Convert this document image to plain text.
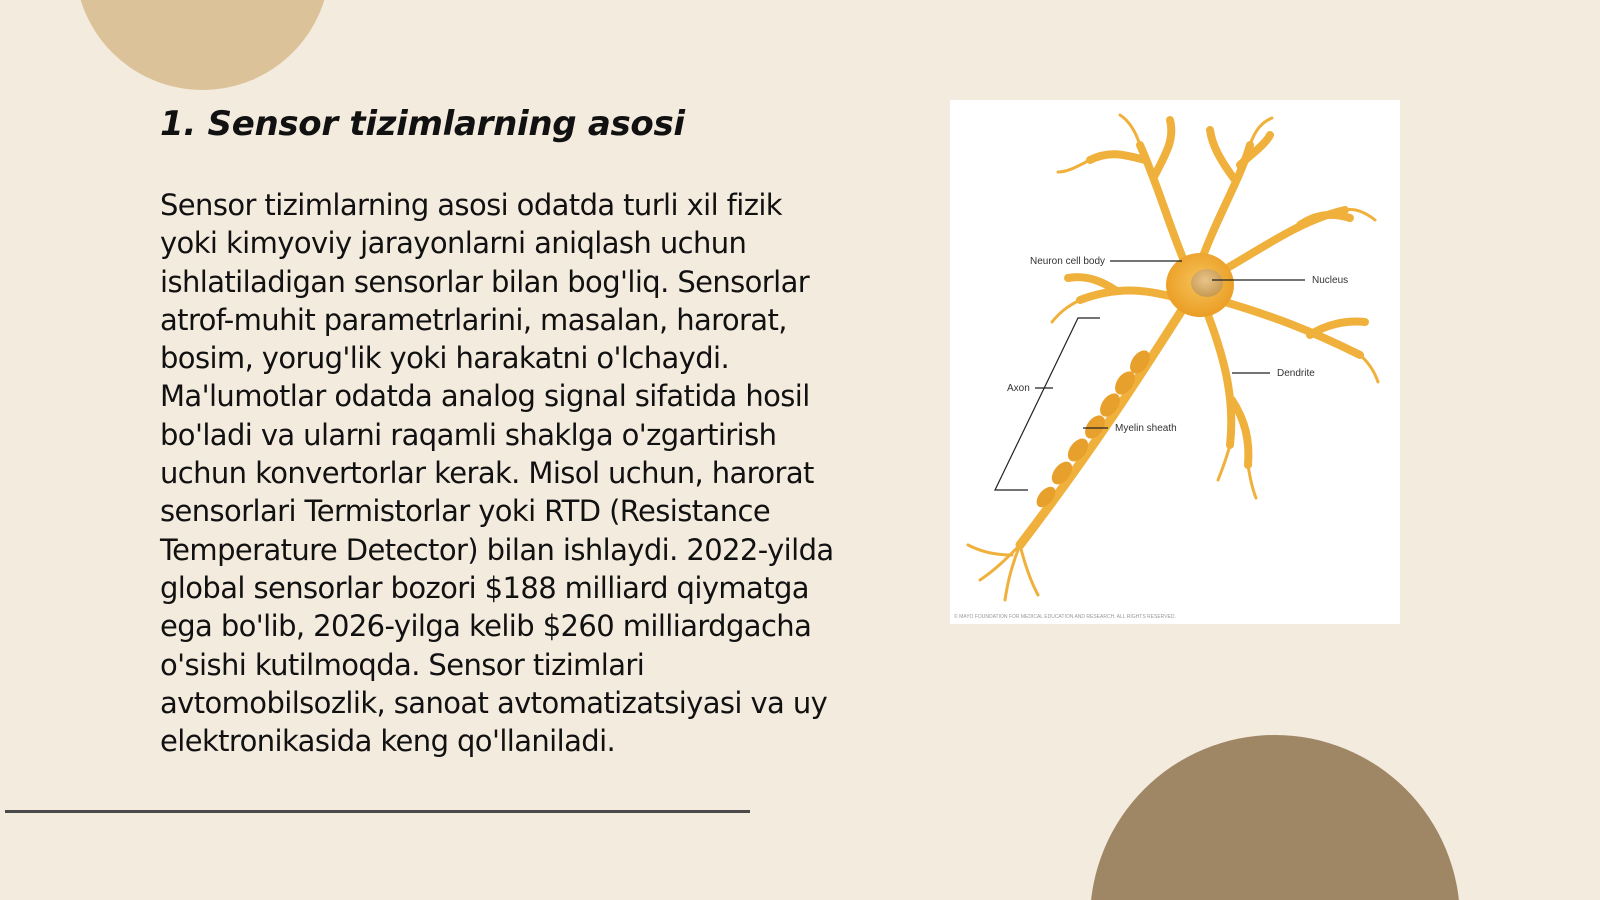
1. Sensor tizimlarning asosi

Sensor tizimlarning asosi odatda turli xil fizik yoki kimyoviy jarayonlarni aniqlash uchun ishlatiladigan sensorlar bilan bog'liq. Sensorlar atrof-muhit parametrlarini, masalan, harorat, bosim, yorug'lik yoki harakatni o'lchaydi. Ma'lumotlar odatda analog signal sifatida hosil bo'ladi va ularni raqamli shaklga o'zgartirish uchun konvertorlar kerak. Misol uchun, harorat sensorlari Termistorlar yoki RTD (Resistance Temperature Detector) bilan ishlaydi. 2022-yilda global sensorlar bozori $188 milliard qiymatga ega bo'lib, 2026-yilga kelib $260 milliardgacha o'sishi kutilmoqda. Sensor tizimlari avtomobilsozlik, sanoat avtomatizatsiyasi va uy elektronikasida keng qo'llaniladi.

Neuron cell body
Nucleus
Dendrite
Axon
Myelin sheath
© MAYO FOUNDATION FOR MEDICAL EDUCATION AND RESEARCH. ALL RIGHTS RESERVED.
